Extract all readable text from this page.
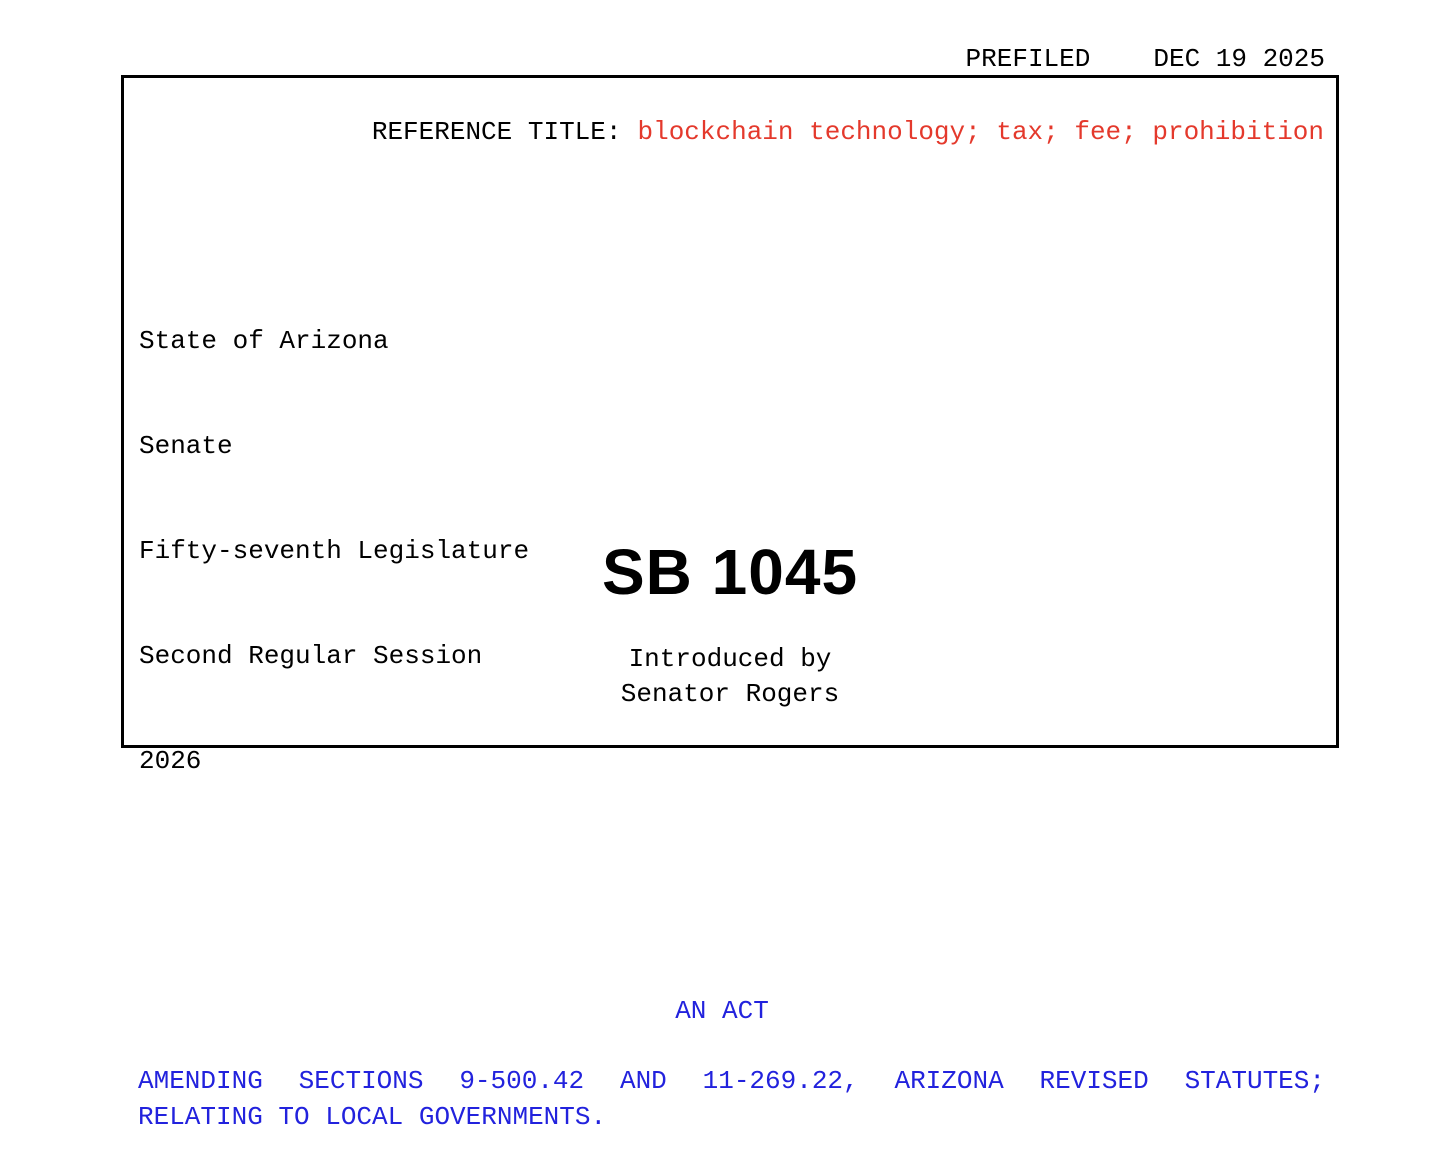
PREFILED DEC 19 2025

REFERENCE TITLE: blockchain technology; tax; fee; prohibition

State of Arizona

Senate

Fifty-seventh Legislature

Second Regular Session

2026

SB 1045
Introduced by
Senator Rogers
AN ACT
AMENDING SECTIONS 9-500.42 AND 11-269.22, ARIZONA REVISED STATUTES;
RELATING TO LOCAL GOVERNMENTS.
